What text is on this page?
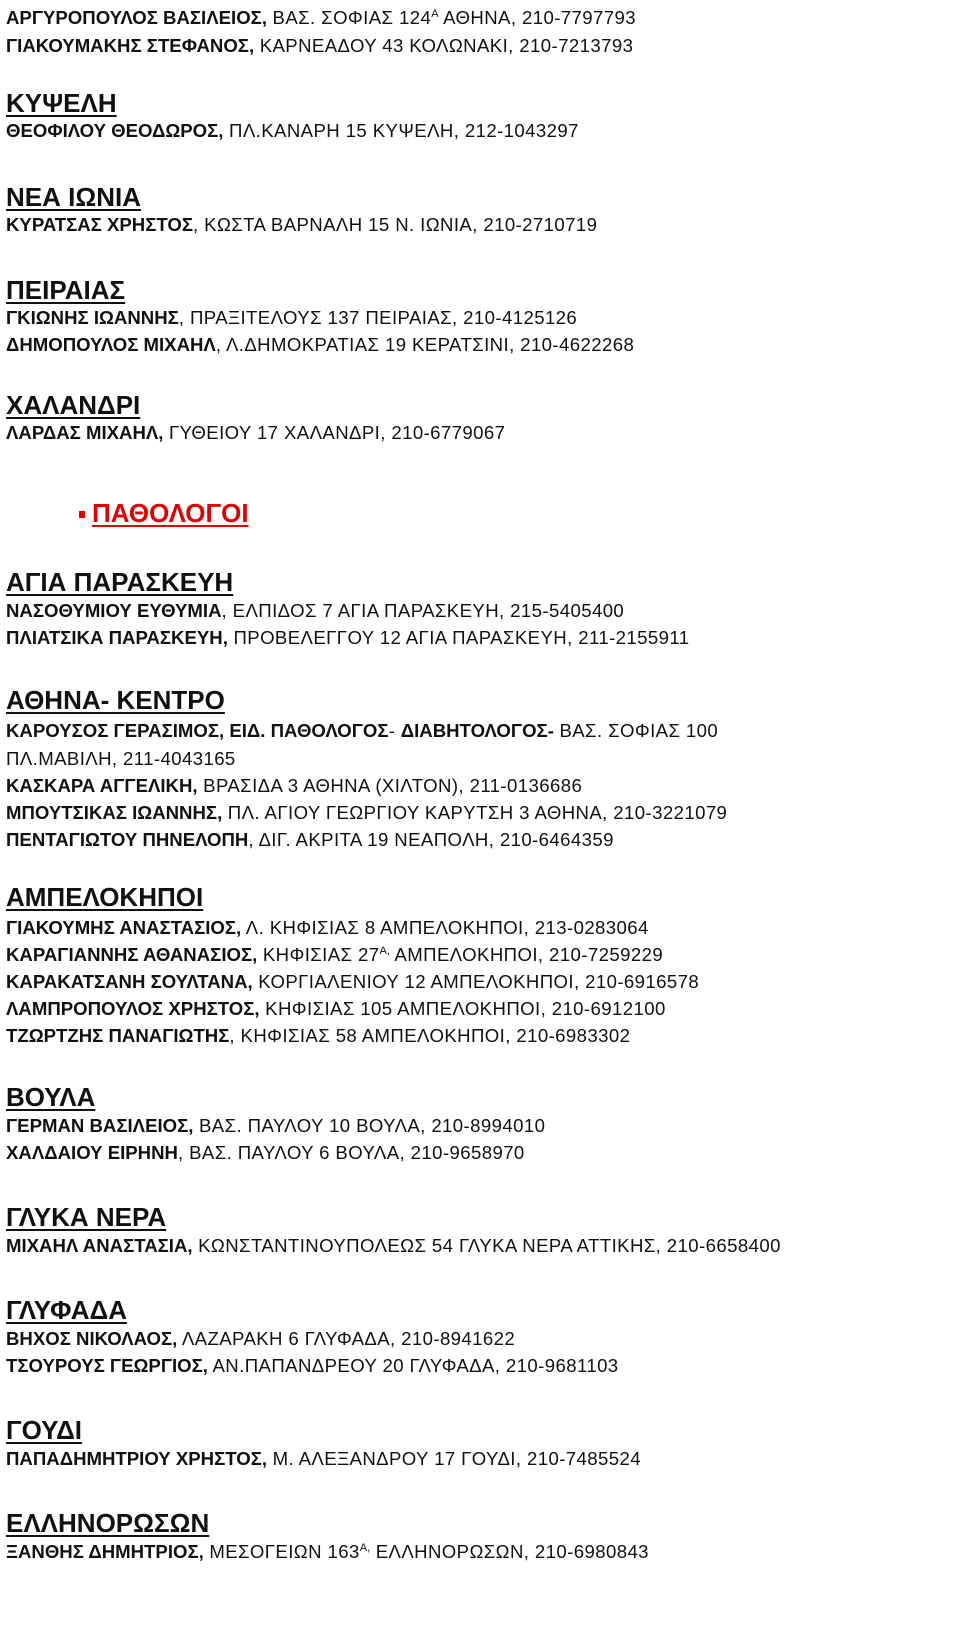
ΑΡΓΥΡΟΠΟΥΛΟΣ ΒΑΣΙΛΕΙΟΣ, ΒΑΣ. ΣΟΦΙΑΣ $124^A$ ΑΘΗΝΑ, 210-7797793
ΓΙΑΚΟΥΜΑΚΗΣ ΣΤΕΦΑΝΟΣ, ΚΑΡΝΕΑΔΟΥ 43 ΚΟΛΩΝΑΚΙ, 210-7213793
ΚΥΨΕΛΗ
ΘΕΟΦΙΛΟΥ ΘΕΟΔΩΡΟΣ, ΠΛ.ΚΑΝΑΡΗ 15 ΚΥΨΕΛΗ, 212-1043297
ΝΕΑ ΙΩΝΙΑ
ΚΥΡΑΤΣΑΣ ΧΡΗΣΤΟΣ, ΚΩΣΤΑ ΒΑΡΝΑΛΗ 15 Ν. ΙΩΝΙΑ, 210-2710719
ΠΕΙΡΑΙΑΣ
ΓΚΙΩΝΗΣ ΙΩΑΝΝΗΣ, ΠΡΑΞΙΤΕΛΟΥΣ 137 ΠΕΙΡΑΙΑΣ, 210-4125126
ΔΗΜΟΠΟΥΛΟΣ ΜΙΧΑΗΛ, Λ.ΔΗΜΟΚΡΑΤΙΑΣ 19 ΚΕΡΑΤΣΙΝΙ, 210-4622268
ΧΑΛΑΝΔΡΙ
ΛΑΡΔΑΣ ΜΙΧΑΗΛ, ΓΥΘΕΙΟΥ 17 ΧΑΛΑΝΔΡΙ, 210-6779067
ΠΑΘΟΛΟΓΟΙ
ΑΓΙΑ ΠΑΡΑΣΚΕΥΗ
ΝΑΣΟΘΥΜΙΟΥ ΕΥΘΥΜΙΑ, ΕΛΠΙΔΟΣ 7 ΑΓΙΑ ΠΑΡΑΣΚΕΥΗ, 215-5405400
ΠΛΙΑΤΣΙΚΑ ΠΑΡΑΣΚΕΥΗ, ΠΡΟΒΕΛΕΓΓΟΥ 12 ΑΓΙΑ ΠΑΡΑΣΚΕΥΗ, 211-2155911
ΑΘΗΝΑ- ΚΕΝΤΡΟ
ΚΑΡΟΥΣΟΣ ΓΕΡΑΣΙΜΟΣ, ΕΙΔ. ΠΑΘΟΛΟΓΟΣ- ΔΙΑΒΗΤΟΛΟΓΟΣ- ΒΑΣ. ΣΟΦΙΑΣ 100
ΠΛ.ΜΑΒΙΛΗ, 211-4043165
ΚΑΣΚΑΡΑ ΑΓΓΕΛΙΚΗ, ΒΡΑΣΙΔΑ 3 ΑΘΗΝΑ (ΧΙΛΤΟΝ), 211-0136686
ΜΠΟΥΤΣΙΚΑΣ ΙΩΑΝΝΗΣ, ΠΛ. ΑΓΙΟΥ ΓΕΩΡΓΙΟΥ ΚΑΡΥΤΣΗ 3 ΑΘΗΝΑ, 210-3221079
ΠΕΝΤΑΓΙΩΤΟΥ ΠΗΝΕΛΟΠΗ, ΔΙΓ. ΑΚΡΙΤΑ 19 ΝΕΑΠΟΛΗ, 210-6464359
ΑΜΠΕΛΟΚΗΠΟΙ
ΓΙΑΚΟΥΜΗΣ ΑΝΑΣΤΑΣΙΟΣ, Λ. ΚΗΦΙΣΙΑΣ 8 ΑΜΠΕΛΟΚΗΠΟΙ, 213-0283064
ΚΑΡΑΓΙΑΝΝΗΣ ΑΘΑΝΑΣΙΟΣ, ΚΗΦΙΣΙΑΣ $27^{A,}$ ΑΜΠΕΛΟΚΗΠΟΙ, 210-7259229
ΚΑΡΑΚΑΤΣΑΝΗ ΣΟΥΛΤΑΝΑ, ΚΟΡΓΙΑΛΕΝΙΟΥ 12 ΑΜΠΕΛΟΚΗΠΟΙ, 210-6916578
ΛΑΜΠΡΟΠΟΥΛΟΣ ΧΡΗΣΤΟΣ, ΚΗΦΙΣΙΑΣ 105 ΑΜΠΕΛΟΚΗΠΟΙ, 210-6912100
ΤΖΩΡΤΖΗΣ ΠΑΝΑΓΙΩΤΗΣ, ΚΗΦΙΣΙΑΣ 58 ΑΜΠΕΛΟΚΗΠΟΙ, 210-6983302
ΒΟΥΛΑ
ΓΕΡΜΑΝ ΒΑΣΙΛΕΙΟΣ, ΒΑΣ. ΠΑΥΛΟΥ 10 ΒΟΥΛΑ, 210-8994010
ΧΑΛΔΑΙΟΥ ΕΙΡΗΝΗ, ΒΑΣ. ΠΑΥΛΟΥ 6 ΒΟΥΛΑ, 210-9658970
ΓΛΥΚΑ ΝΕΡΑ
ΜΙΧΑΗΛ ΑΝΑΣΤΑΣΙΑ, ΚΩΝΣΤΑΝΤΙΝΟΥΠΟΛΕΩΣ 54 ΓΛΥΚΑ ΝΕΡΑ ΑΤΤΙΚΗΣ, 210-6658400
ΓΛΥΦΑΔΑ
ΒΗΧΟΣ ΝΙΚΟΛΑΟΣ, ΛΑΖΑΡΑΚΗ 6 ΓΛΥΦΑΔΑ, 210-8941622
ΤΣΟΥΡΟΥΣ ΓΕΩΡΓΙΟΣ, ΑΝ.ΠΑΠΑΝΔΡΕΟΥ 20 ΓΛΥΦΑΔΑ, 210-9681103
ΓΟΥΔΙ
ΠΑΠΑΔΗΜΗΤΡΙΟΥ ΧΡΗΣΤΟΣ, Μ. ΑΛΕΞΑΝΔΡΟΥ 17 ΓΟΥΔΙ, 210-7485524
ΕΛΛΗΝΟΡΩΣΩΝ
ΞΑΝΘΗΣ ΔΗΜΗΤΡΙΟΣ, ΜΕΣΟΓΕΙΩΝ $163^{A,}$ ΕΛΛΗΝΟΡΩΣΩΝ, 210-6980843
